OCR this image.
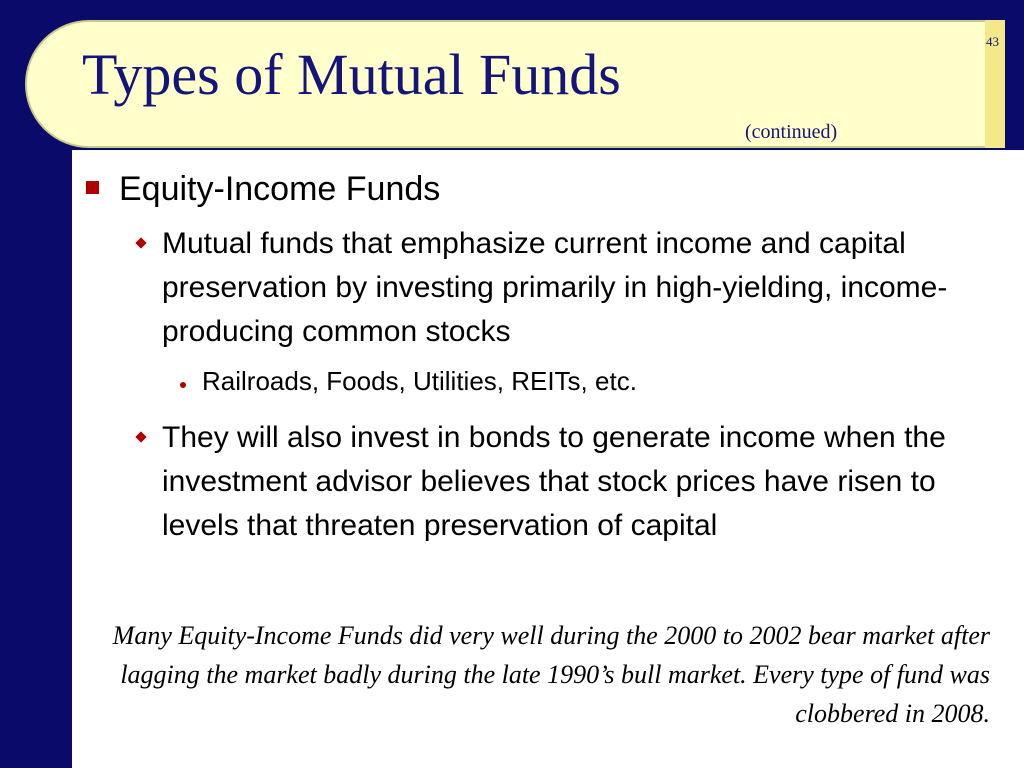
43
Types of Mutual Funds
(continued)
Equity-Income Funds
Mutual funds that emphasize current income and capital preservation by investing primarily in high-yielding, income-producing common stocks
Railroads, Foods, Utilities, REITs, etc.
They will also invest in bonds to generate income when the investment advisor believes that stock prices have risen to levels that threaten preservation of capital
Many Equity-Income Funds did very well during the 2000 to 2002 bear market after lagging the market badly during the late 1990’s bull market. Every type of fund was clobbered in 2008.
